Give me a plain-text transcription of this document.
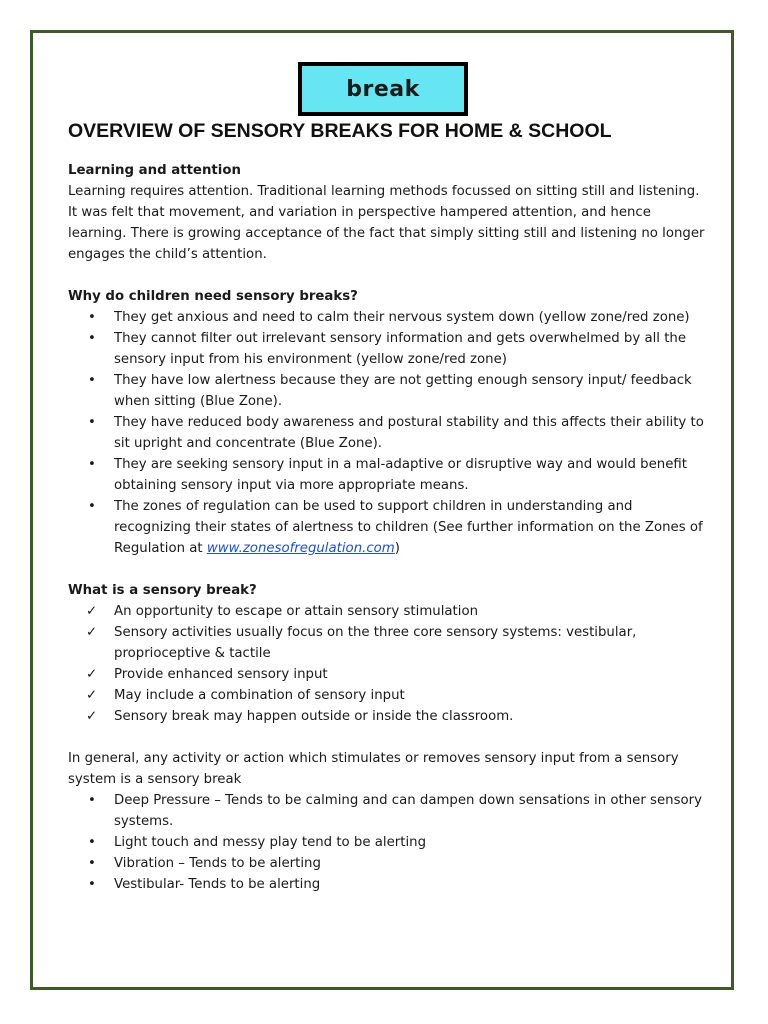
break
OVERVIEW OF SENSORY BREAKS FOR HOME & SCHOOL

Learning and attention

Learning requires attention. Traditional learning methods focussed on sitting still and listening. It was felt that movement, and variation in perspective hampered attention, and hence learning. There is growing acceptance of the fact that simply sitting still and listening no longer engages the child’s attention.

Why do children need sensory breaks?

• They get anxious and need to calm their nervous system down (yellow zone/red zone)
• They cannot filter out irrelevant sensory information and gets overwhelmed by all the sensory input from his environment (yellow zone/red zone)
• They have low alertness because they are not getting enough sensory input/ feedback when sitting (Blue Zone).
• They have reduced body awareness and postural stability and this affects their ability to sit upright and concentrate (Blue Zone).
• They are seeking sensory input in a mal-adaptive or disruptive way and would benefit obtaining sensory input via more appropriate means.
• The zones of regulation can be used to support children in understanding and recognizing their states of alertness to children (See further information on the Zones of Regulation at www.zonesofregulation.com)

What is a sensory break?

✓ An opportunity to escape or attain sensory stimulation
✓ Sensory activities usually focus on the three core sensory systems: vestibular, proprioceptive & tactile
✓ Provide enhanced sensory input
✓ May include a combination of sensory input
✓ Sensory break may happen outside or inside the classroom.

In general, any activity or action which stimulates or removes sensory input from a sensory system is a sensory break

• Deep Pressure – Tends to be calming and can dampen down sensations in other sensory systems.
• Light touch and messy play tend to be alerting
• Vibration – Tends to be alerting
• Vestibular- Tends to be alerting
